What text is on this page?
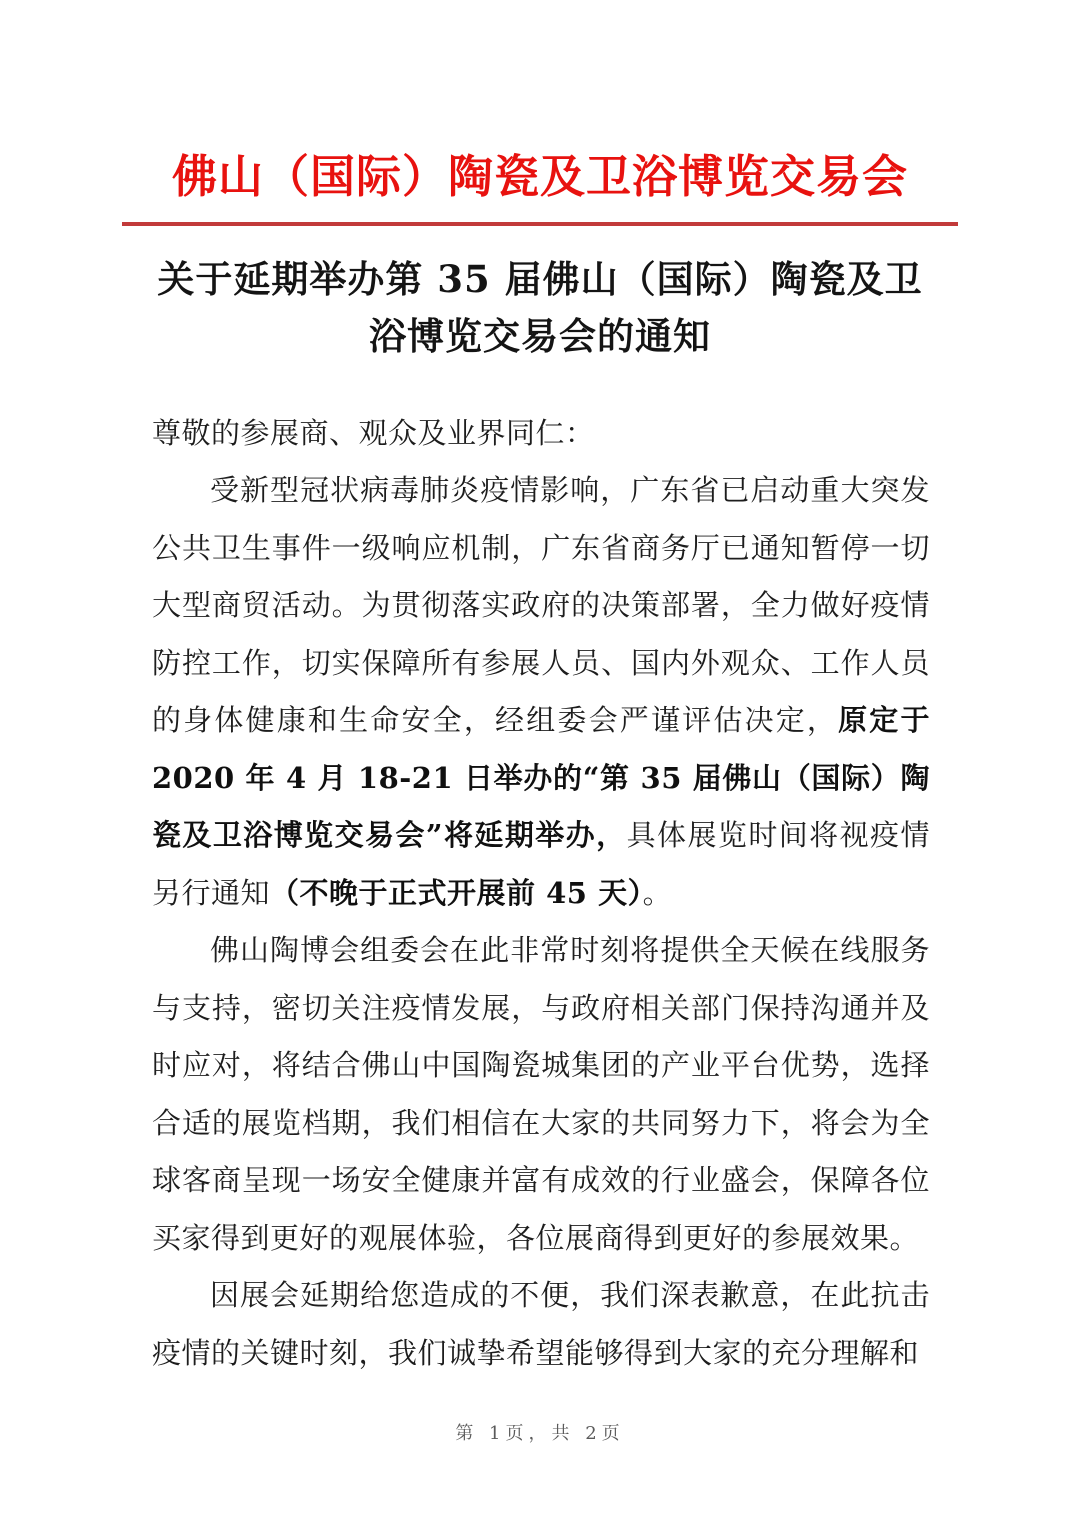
佛山（国际）陶瓷及卫浴博览交易会
关于延期举办第 35 届佛山（国际）陶瓷及卫浴博览交易会的通知

尊敬的参展商、观众及业界同仁：

受新型冠状病毒肺炎疫情影响，广东省已启动重大突发公共卫生事件一级响应机制，广东省商务厅已通知暂停一切大型商贸活动。为贯彻落实政府的决策部署，全力做好疫情防控工作，切实保障所有参展人员、国内外观众、工作人员的身体健康和生命安全，经组委会严谨评估决定，原定于 2020 年 4 月 18-21 日举办的“第 35 届佛山（国际）陶瓷及卫浴博览交易会”将延期举办，具体展览时间将视疫情另行通知（不晚于正式开展前 45 天）。

佛山陶博会组委会在此非常时刻将提供全天候在线服务与支持，密切关注疫情发展，与政府相关部门保持沟通并及时应对，将结合佛山中国陶瓷城集团的产业平台优势，选择合适的展览档期，我们相信在大家的共同努力下，将会为全球客商呈现一场安全健康并富有成效的行业盛会，保障各位买家得到更好的观展体验，各位展商得到更好的参展效果。

因展会延期给您造成的不便，我们深表歉意，在此抗击疫情的关键时刻，我们诚挚希望能够得到大家的充分理解和

第 1页，共 2页
